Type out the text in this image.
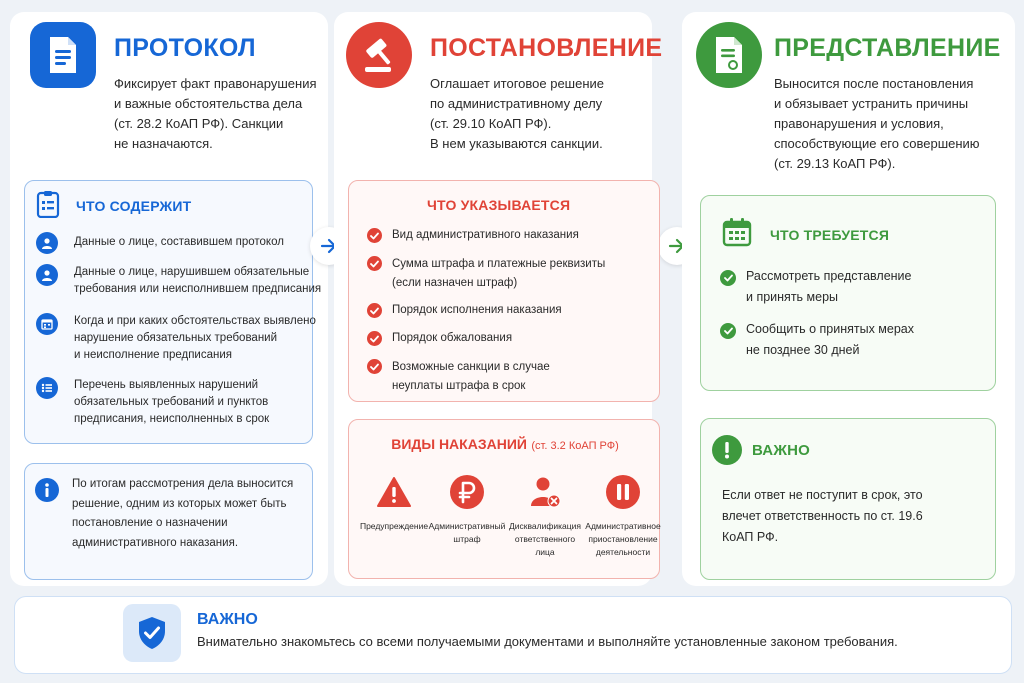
ПРОТОКОЛ
Фиксирует факт правонарушения
и важные обстоятельства дела
(ст. 28.2 КоАП РФ). Санкции
не назначаются.
ЧТО СОДЕРЖИТ
Данные о лице, составившем протокол
Данные о лице, нарушившем обязательные
требования или неисполнившем предписания
Когда и при каких обстоятельствах выявлено
нарушение обязательных требований
и неисполнение предписания
Перечень выявленных нарушений
обязательных требований и пунктов
предписания, неисполненных в срок
По итогам рассмотрения дела выносится
решение, одним из которых может быть
постановление о назначении
административного наказания.
ПОСТАНОВЛЕНИЕ
Оглашает итоговое решение
по административному делу
(ст. 29.10 КоАП РФ).
В нем указываются санкции.
ЧТО УКАЗЫВАЕТСЯ
Вид административного наказания
Сумма штрафа и платежные реквизиты
(если назначен штраф)
Порядок исполнения наказания
Порядок обжалования
Возможные санкции в случае
неуплаты штрафа в срок
ВИДЫ НАКАЗАНИЙ (ст. 3.2 КоАП РФ)
Предупреждение Административный
штраф
Дисквалификация
ответственного
лица
Административное
приостановление
деятельности
ПРЕДСТАВЛЕНИЕ
Выносится после постановления
и обязывает устранить причины
правонарушения и условия,
способствующие его совершению
(ст. 29.13 КоАП РФ).
ЧТО ТРЕБУЕТСЯ
Рассмотреть представление
и принять меры
Сообщить о принятых мерах
не позднее 30 дней
ВАЖНО
Если ответ не поступит в срок, это
влечет ответственность по ст. 19.6
КоАП РФ.
ВАЖНО
Внимательно знакомьтесь со всеми получаемыми документами и выполняйте установленные законом требования.
